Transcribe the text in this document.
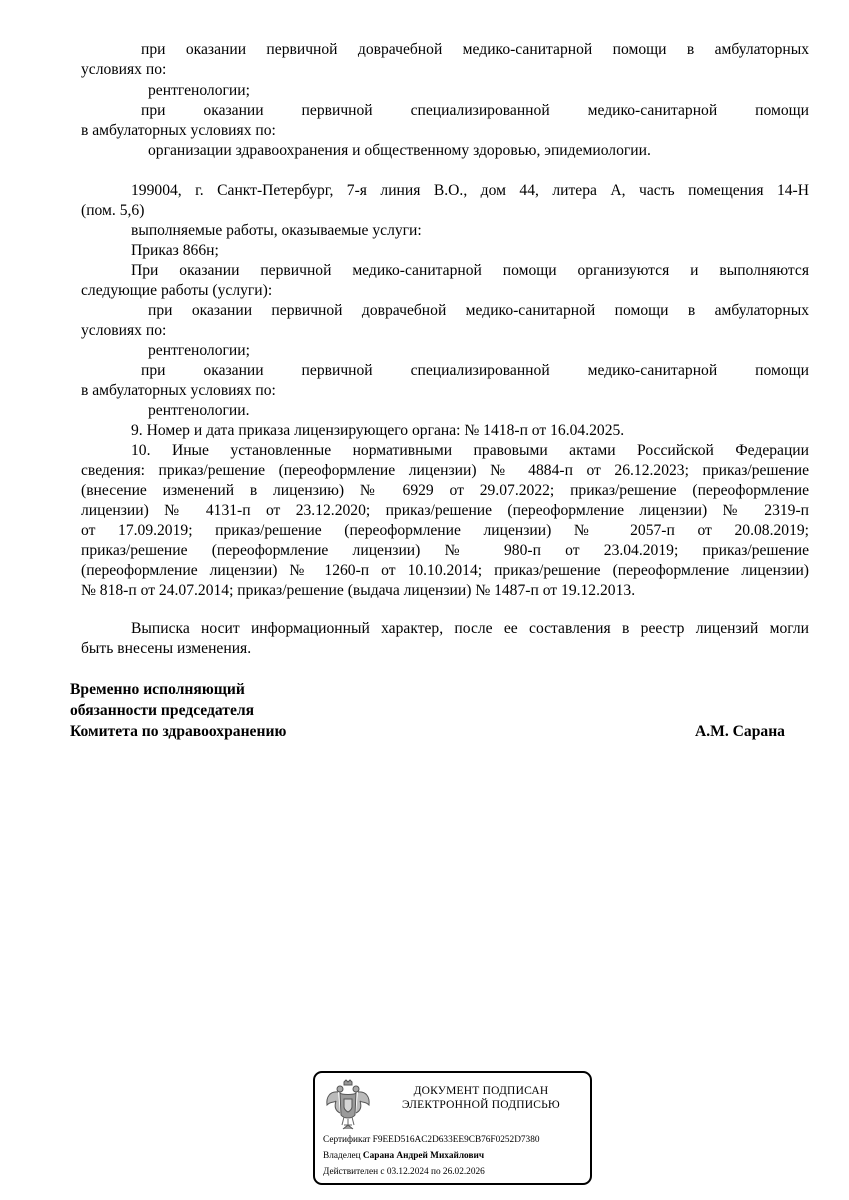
при оказании первичной доврачебной медико-санитарной помощи в амбулаторных
условиях по:
рентгенологии;
при оказании первичной специализированной медико-санитарной помощи
в амбулаторных условиях по:
организации здравоохранения и общественному здоровью, эпидемиологии.
199004, г. Санкт-Петербург, 7-я линия В.О., дом 44, литера А, часть помещения 14-Н
(пом. 5,6)
выполняемые работы, оказываемые услуги:
Приказ 866н;
При оказании первичной медико-санитарной помощи организуются и выполняются
следующие работы (услуги):
при оказании первичной доврачебной медико-санитарной помощи в амбулаторных
условиях по:
рентгенологии;
при оказании первичной специализированной медико-санитарной помощи
в амбулаторных условиях по:
рентгенологии.
9. Номер и дата приказа лицензирующего органа: № 1418-п от 16.04.2025.
10. Иные установленные нормативными правовыми актами Российской Федерации
сведения: приказ/решение (переоформление лицензии) № 4884-п от 26.12.2023; приказ/решение
(внесение изменений в лицензию) № 6929 от 29.07.2022; приказ/решение (переоформление
лицензии) № 4131-п от 23.12.2020; приказ/решение (переоформление лицензии) № 2319-п
от 17.09.2019; приказ/решение (переоформление лицензии) № 2057-п от 20.08.2019;
приказ/решение (переоформление лицензии) № 980-п от 23.04.2019; приказ/решение
(переоформление лицензии) № 1260-п от 10.10.2014; приказ/решение (переоформление лицензии)
№ 818-п от 24.07.2014; приказ/решение (выдача лицензии) № 1487-п от 19.12.2013.
Выписка носит информационный характер, после ее составления в реестр лицензий могли
быть внесены изменения.
Временно исполняющий
обязанности председателя
Комитета по здравоохранению	А.М. Сарана
ДОКУМЕНТ ПОДПИСАН
ЭЛЕКТРОННОЙ ПОДПИСЬЮ
Сертификат F9EED516AC2D633EE9CB76F0252D7380
Владелец Сарана Андрей Михайлович
Действителен с 03.12.2024 по 26.02.2026
